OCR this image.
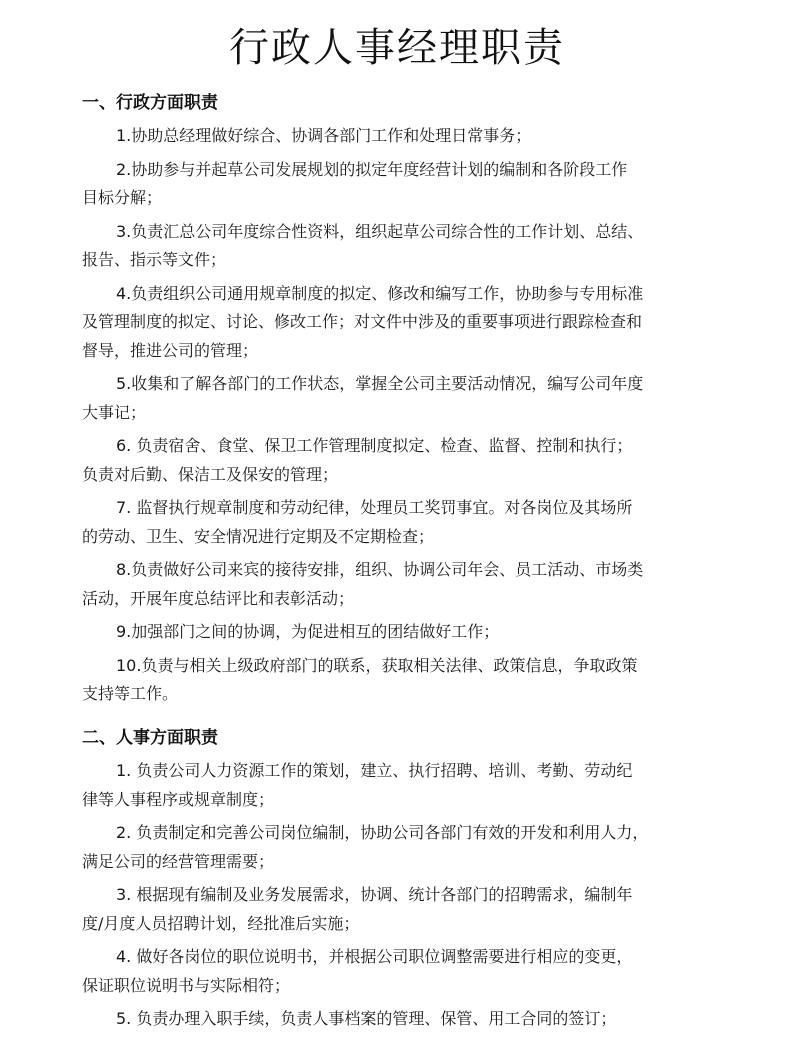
行政人事经理职责
一、行政方面职责
1.协助总经理做好综合、协调各部门工作和处理日常事务；
2.协助参与并起草公司发展规划的拟定年度经营计划的编制和各阶段工作
目标分解；
3.负责汇总公司年度综合性资料，组织起草公司综合性的工作计划、总结、
报告、指示等文件；
4.负责组织公司通用规章制度的拟定、修改和编写工作，协助参与专用标准
及管理制度的拟定、讨论、修改工作；对文件中涉及的重要事项进行跟踪检查和
督导，推进公司的管理；
5.收集和了解各部门的工作状态，掌握全公司主要活动情况，编写公司年度
大事记；
6. 负责宿舍、食堂、保卫工作管理制度拟定、检查、监督、控制和执行；
负责对后勤、保洁工及保安的管理；
7. 监督执行规章制度和劳动纪律，处理员工奖罚事宜。对各岗位及其场所
的劳动、卫生、安全情况进行定期及不定期检查；
8.负责做好公司来宾的接待安排，组织、协调公司年会、员工活动、市场类
活动，开展年度总结评比和表彰活动；
9.加强部门之间的协调，为促进相互的团结做好工作；
10.负责与相关上级政府部门的联系，获取相关法律、政策信息，争取政策
支持等工作。
二、人事方面职责
1. 负责公司人力资源工作的策划，建立、执行招聘、培训、考勤、劳动纪
律等人事程序或规章制度；
2. 负责制定和完善公司岗位编制，协助公司各部门有效的开发和利用人力，
满足公司的经营管理需要；
3. 根据现有编制及业务发展需求，协调、统计各部门的招聘需求，编制年
度/月度人员招聘计划，经批准后实施；
4. 做好各岗位的职位说明书，并根据公司职位调整需要进行相应的变更，
保证职位说明书与实际相符；
5. 负责办理入职手续，负责人事档案的管理、保管、用工合同的签订；
